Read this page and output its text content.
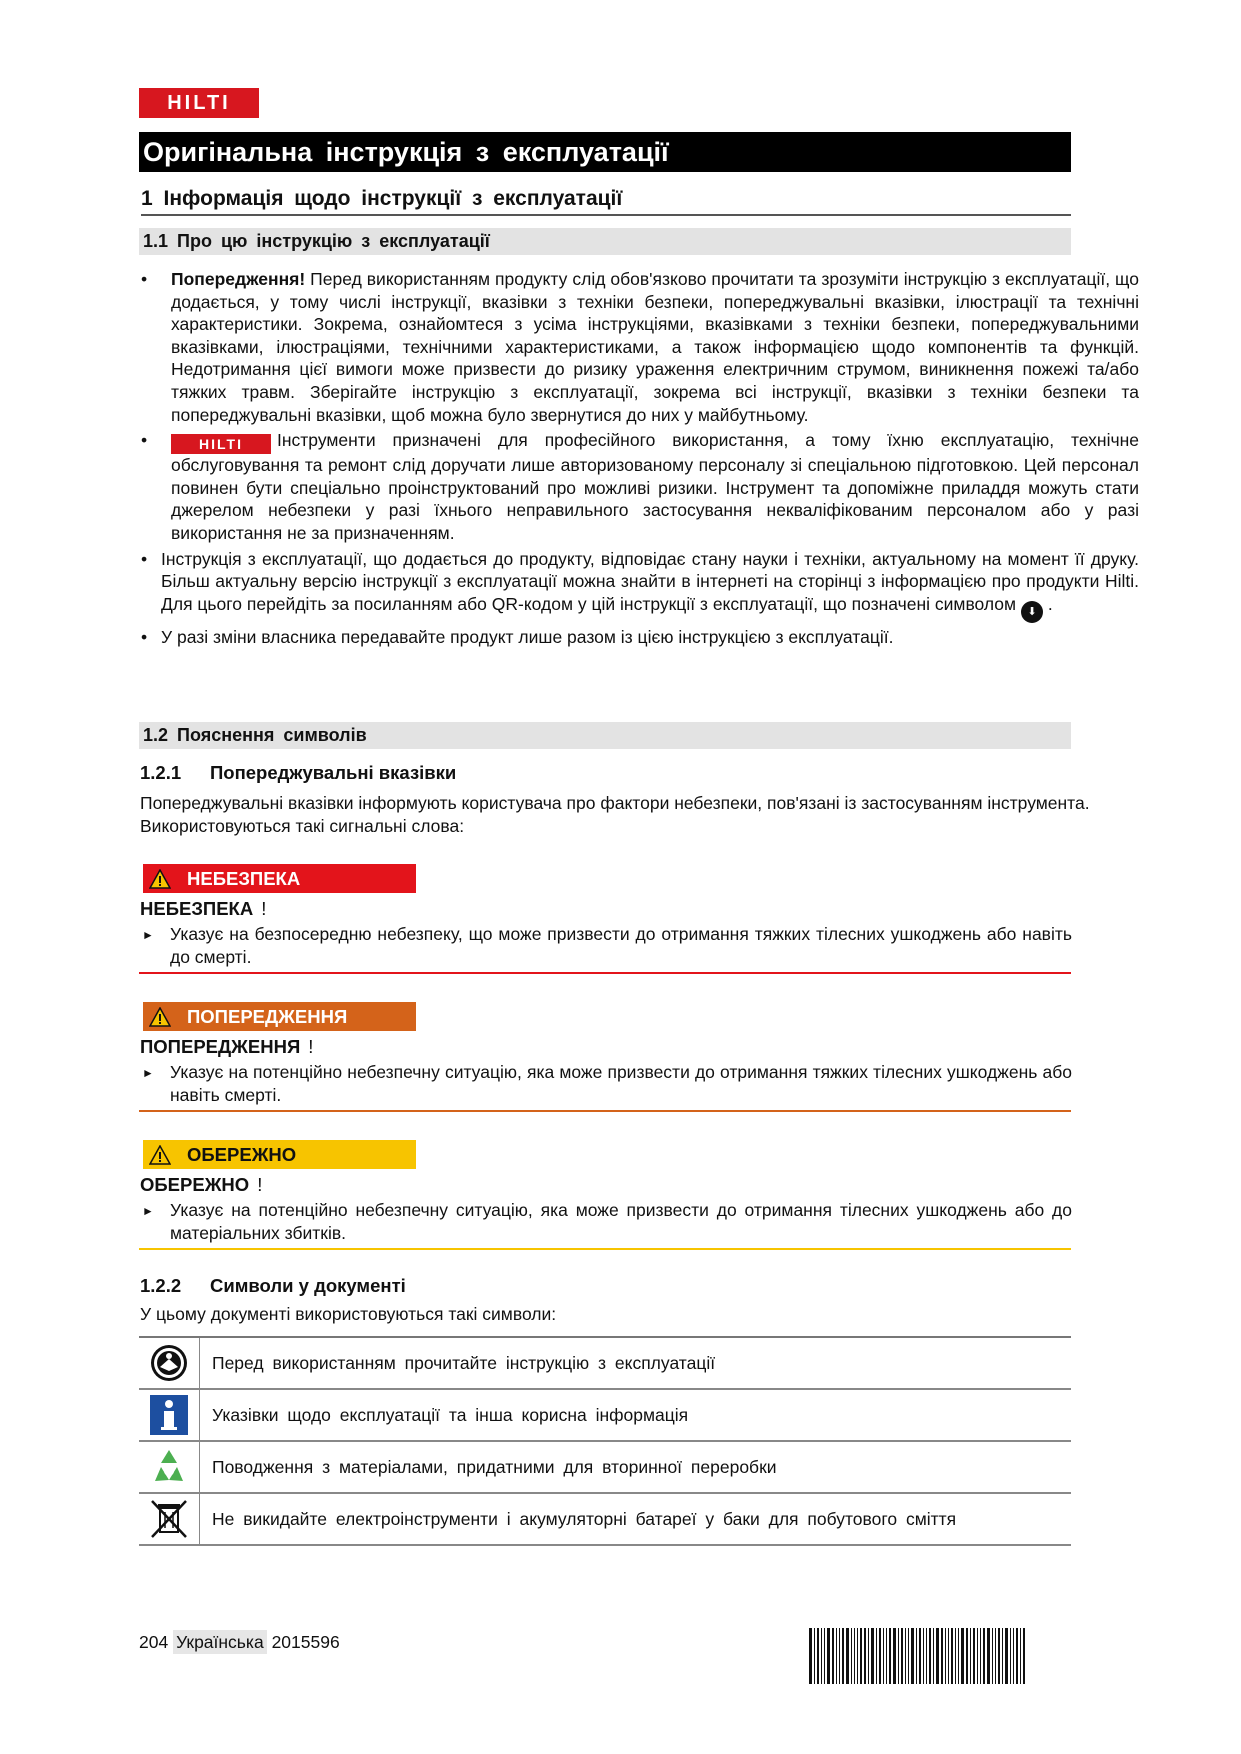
HILTI
Оригінальна інструкція з експлуатації
1 Інформація щодо інструкції з експлуатації
1.1 Про цю інструкцію з експлуатації
• Попередження! Перед використанням продукту слід обов'язково прочитати та зрозуміти інструкцію з експлуатації, що додається, у тому числі інструкції, вказівки з техніки безпеки, попереджувальні вказівки, ілюстрації та технічні характеристики. Зокрема, ознайомтеся з усіма інструкціями, вказівками з техніки безпеки, попереджувальними вказівками, ілюстраціями, технічними характеристиками, а також інформацією щодо компонентів та функцій. Недотримання цієї вимоги може призвести до ризику ураження електричним струмом, виникнення пожежі та/або тяжких травм. Зберігайте інструкцію з експлуатації, зокрема всі інструкції, вказівки з техніки безпеки та попереджувальні вказівки, щоб можна було звернутися до них у майбутньому.
•	HILTI Інструменти призначені для професійного використання, а тому їхню експлуатацію, технічне обслуговування та ремонт слід доручати лише авторизованому персоналу зі спеціальною підготовкою. Цей персонал повинен бути спеціально проінструктований про можливі ризики. Інструмент та допоміжне приладдя можуть стати джерелом небезпеки у разі їхнього неправильного застосування некваліфікованим персоналом або у разі використання не за призначенням.
• Інструкція з експлуатації, що додається до продукту, відповідає стану науки і техніки, актуальному на момент її друку. Більш актуальну версію інструкції з експлуатації можна знайти в інтернеті на сторінці з інформацією про продукти Hilti. Для цього перейдіть за посиланням або QR-кодом у цій інструкції з експлуатації, що позначені символом ⬇ .
• У разі зміни власника передавайте продукт лише разом із цією інструкцією з експлуатації.
1.2 Пояснення символів
1.2.1 Попереджувальні вказівки
Попереджувальні вказівки інформують користувача про фактори небезпеки, пов'язані із застосуванням інструмента. Використовуються такі сигнальні слова:
НЕБЕЗПЕКА
НЕБЕЗПЕКА !
► Указує на безпосередню небезпеку, що може призвести до отримання тяжких тілесних ушкоджень або навіть до смерті.
ПОПЕРЕДЖЕННЯ
ПОПЕРЕДЖЕННЯ !
► Указує на потенційно небезпечну ситуацію, яка може призвести до отримання тяжких тілесних ушкоджень або навіть смерті.
ОБЕРЕЖНО
ОБЕРЕЖНО !
► Указує на потенційно небезпечну ситуацію, яка може призвести до отримання тілесних ушкоджень або до матеріальних збитків.
1.2.2 Символи у документі
У цьому документі використовуються такі символи:
Перед використанням прочитайте інструкцію з експлуатації
Указівки щодо експлуатації та інша корисна інформація
Поводження з матеріалами, придатними для вторинної переробки
Не викидайте електроінструменти і акумуляторні батареї у баки для побутового сміття
204 Українська 2015596
